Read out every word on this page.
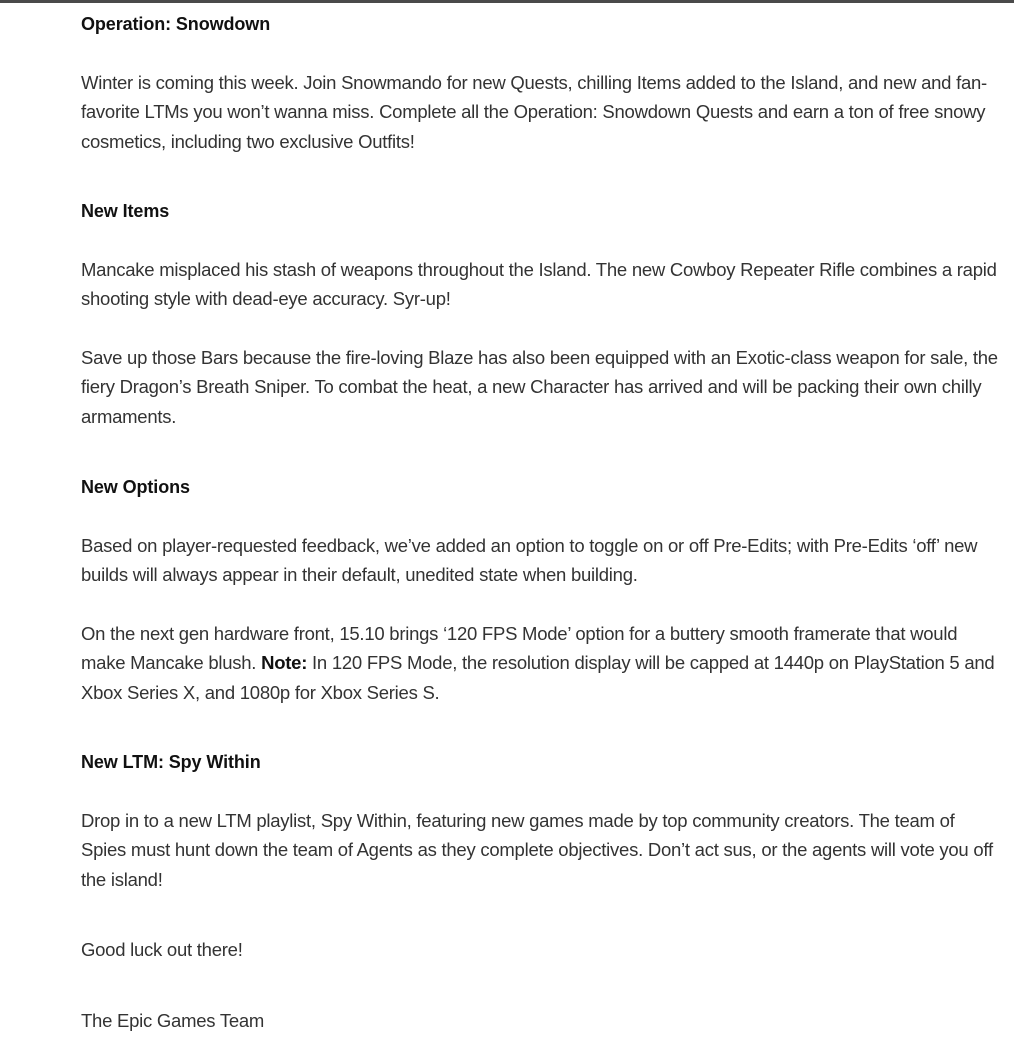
Operation: Snowdown
Winter is coming this week. Join Snowmando for new Quests, chilling Items added to the Island, and new and fan-favorite LTMs you won’t wanna miss. Complete all the Operation: Snowdown Quests and earn a ton of free snowy cosmetics, including two exclusive Outfits!
New Items
Mancake misplaced his stash of weapons throughout the Island. The new Cowboy Repeater Rifle combines a rapid shooting style with dead-eye accuracy. Syr-up!
Save up those Bars because the fire-loving Blaze has also been equipped with an Exotic-class weapon for sale, the fiery Dragon’s Breath Sniper. To combat the heat, a new Character has arrived and will be packing their own chilly armaments.
New Options
Based on player-requested feedback, we’ve added an option to toggle on or off Pre-Edits; with Pre-Edits ‘off’ new builds will always appear in their default, unedited state when building.
On the next gen hardware front, 15.10 brings ‘120 FPS Mode’ option for a buttery smooth framerate that would make Mancake blush. Note: In 120 FPS Mode, the resolution display will be capped at 1440p on PlayStation 5 and Xbox Series X, and 1080p for Xbox Series S.
New LTM: Spy Within
Drop in to a new LTM playlist, Spy Within, featuring new games made by top community creators. The team of Spies must hunt down the team of Agents as they complete objectives. Don’t act sus, or the agents will vote you off the island!
Good luck out there!
The Epic Games Team
